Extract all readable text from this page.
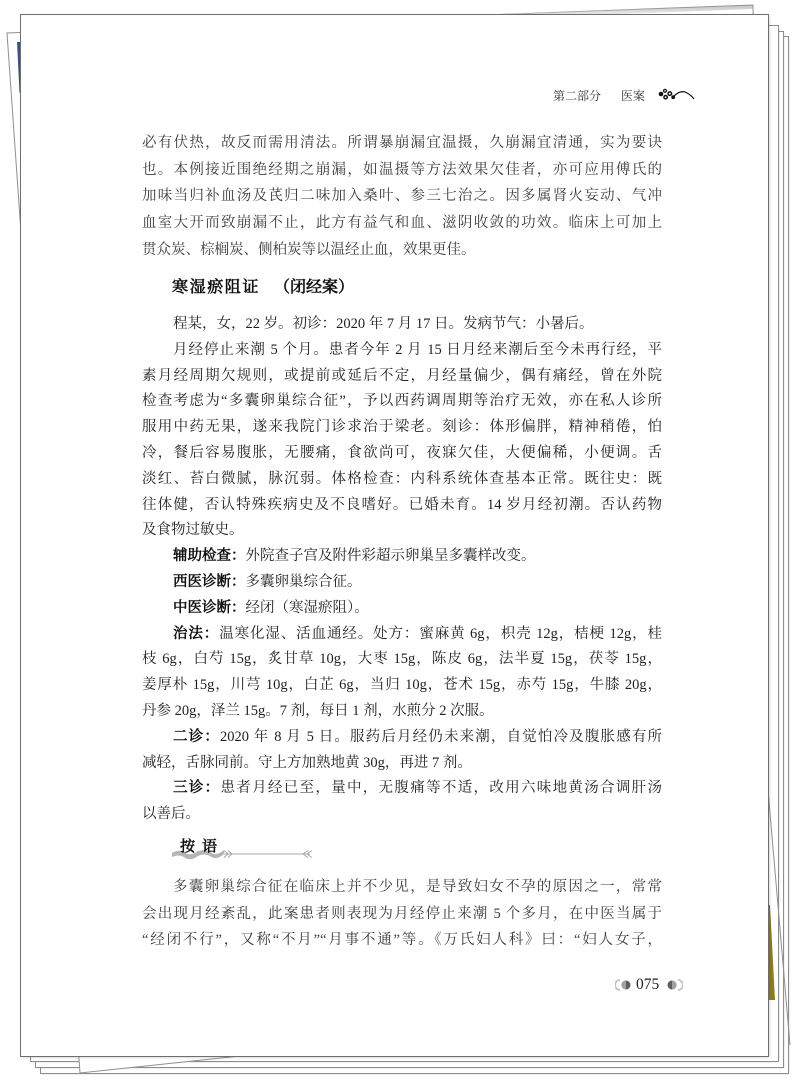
第二部分 医案
必有伏热，故反而需用清法。所谓暴崩漏宜温摄，久崩漏宜清通，实为要诀
也。本例接近围绝经期之崩漏，如温摄等方法效果欠佳者，亦可应用傅氏的
加味当归补血汤及芪归二味加入桑叶、参三七治之。因多属肾火妄动、气冲
血室大开而致崩漏不止，此方有益气和血、滋阴收敛的功效。临床上可加上
贯众炭、棕榈炭、侧柏炭等以温经止血，效果更佳。
寒湿瘀阻证 （闭经案）
程某，女，22 岁。初诊：2020 年 7 月 17 日。发病节气：小暑后。
月经停止来潮 5 个月。患者今年 2 月 15 日月经来潮后至今未再行经，平
素月经周期欠规则，或提前或延后不定，月经量偏少，偶有痛经，曾在外院
检查考虑为“多囊卵巢综合征”，予以西药调周期等治疗无效，亦在私人诊所
服用中药无果，遂来我院门诊求治于梁老。刻诊：体形偏胖，精神稍倦，怕
冷，餐后容易腹胀，无腰痛，食欲尚可，夜寐欠佳，大便偏稀，小便调。舌
淡红、苔白微腻，脉沉弱。体格检查：内科系统体查基本正常。既往史：既
往体健，否认特殊疾病史及不良嗜好。已婚未育。14 岁月经初潮。否认药物
及食物过敏史。
辅助检查：外院查子宫及附件彩超示卵巢呈多囊样改变。
西医诊断：多囊卵巢综合征。
中医诊断：经闭（寒湿瘀阻）。
治法：温寒化湿、活血通经。处方：蜜麻黄 6g，枳壳 12g，桔梗 12g，桂
枝 6g，白芍 15g，炙甘草 10g，大枣 15g，陈皮 6g，法半夏 15g，茯苓 15g，
姜厚朴 15g，川芎 10g，白芷 6g，当归 10g，苍术 15g，赤芍 15g，牛膝 20g，
丹参 20g，泽兰 15g。7 剂，每日 1 剂，水煎分 2 次服。
二诊：2020 年 8 月 5 日。服药后月经仍未来潮，自觉怕冷及腹胀感有所
减轻，舌脉同前。守上方加熟地黄 30g，再进 7 剂。
三诊：患者月经已至，量中，无腹痛等不适，改用六味地黄汤合调肝汤
以善后。
按语
多囊卵巢综合征在临床上并不少见，是导致妇女不孕的原因之一，常常
会出现月经紊乱，此案患者则表现为月经停止来潮 5 个多月，在中医当属于
“经闭不行”，又称“不月”“月事不通”等。《万氏妇人科》曰：“妇人女子，
075
